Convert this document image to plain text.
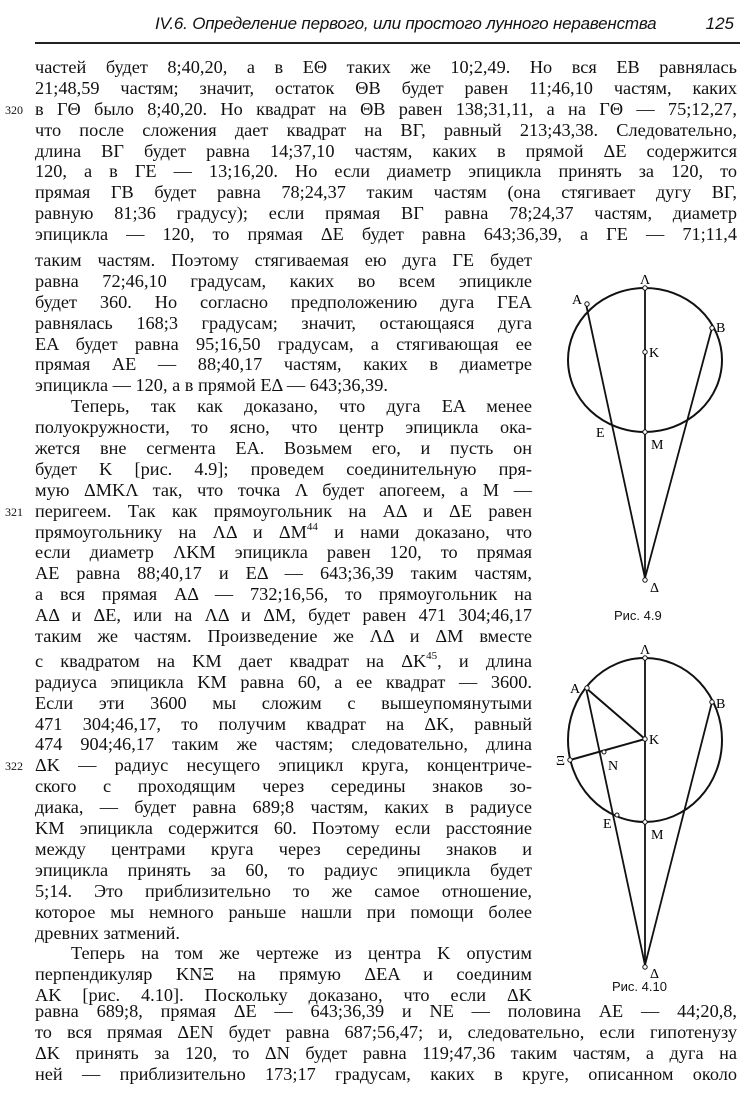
IV.6. Определение первого, или простого лунного неравенства	125
частей будет 8;40,20, а в EΘ таких же 10;2,49. Но вся EB равнялась
21;48,59 частям; значит, остаток ΘB будет равен 11;46,10 частям, каких
320 в ГΘ было 8;40,20. Но квадрат на ΘB равен 138;31,11, а на ГΘ — 75;12,27,
что после сложения дает квадрат на BГ, равный 213;43,38. Следовательно,
длина BГ будет равна 14;37,10 частям, каких в прямой ΔE содержится
120, а в ГE — 13;16,20. Но если диаметр эпицикла принять за 120, то
прямая ГB будет равна 78;24,37 таким частям (она стягивает дугу BГ,
равную 81;36 градусу); если прямая BГ равна 78;24,37 частям, диаметр
эпицикла — 120, то прямая ΔE будет равна 643;36,39, а ГE — 71;11,4
таким частям. Поэтому стягиваемая ею дуга ГE будет
равна 72;46,10 градусам, каких во всем эпицикле
будет 360. Но согласно предположению дуга ГEA
равнялась 168;3 градусам; значит, остающаяся дуга
EA будет равна 95;16,50 градусам, а стягивающая ее
прямая AE — 88;40,17 частям, каких в диаметре
эпицикла — 120, а в прямой EΔ — 643;36,39.
Теперь, так как доказано, что дуга EA менее
полуокружности, то ясно, что центр эпицикла ока-
жется вне сегмента EA. Возьмем его, и пусть он
будет K [рис. 4.9]; проведем соединительную пря-
мую ΔMKΛ так, что точка Λ будет апогеем, а M —
321 перигеем. Так как прямоугольник на AΔ и ΔE равен
прямоугольнику на ΛΔ и ΔM$^{44}$ и нами доказано, что
если диаметр ΛKM эпицикла равен 120, то прямая
AE равна 88;40,17 и EΔ — 643;36,39 таким частям,
а вся прямая AΔ — 732;16,56, то прямоугольник на
AΔ и ΔE, или на ΛΔ и ΔM, будет равен 471 304;46,17
таким же частям. Произведение же ΛΔ и ΔM вместе
с квадратом на KM дает квадрат на ΔK$^{45}$, и длина
радиуса эпицикла KM равна 60, а ее квадрат — 3600.
Если эти 3600 мы сложим с вышеупомянутыми
471 304;46,17, то получим квадрат на ΔK, равный
474 904;46,17 таким же частям; следовательно, длина
322 ΔK — радиус несущего эпицикл круга, концентриче-
ского с проходящим через середины знаков зо-
диака, — будет равна 689;8 частям, каких в радиусе
KM эпицикла содержится 60. Поэтому если расстояние
между центрами круга через середины знаков и
эпицикла принять за 60, то радиус эпицикла будет
5;14. Это приблизительно то же самое отношение,
которое мы немного раньше нашли при помощи более
древних затмений.
Теперь на том же чертеже из центра K опустим
перпендикуляр KNΞ на прямую ΔEA и соединим
AK [рис. 4.10]. Поскольку доказано, что если ΔK
равна 689;8, прямая ΔE — 643;36,39 и NE — половина AE — 44;20,8,
то вся прямая ΔEN будет равна 687;56,47; и, следовательно, если гипотенузу
ΔK принять за 120, то ΔN будет равна 119;47,36 таким частям, а дуга на
ней — приблизительно 173;17 градусам, каких в круге, описанном около
Λ
A
B
K
E
M
Δ
Рис. 4.9
Λ
A
B
K
Ξ	N
E
M
Δ
Рис. 4.10
